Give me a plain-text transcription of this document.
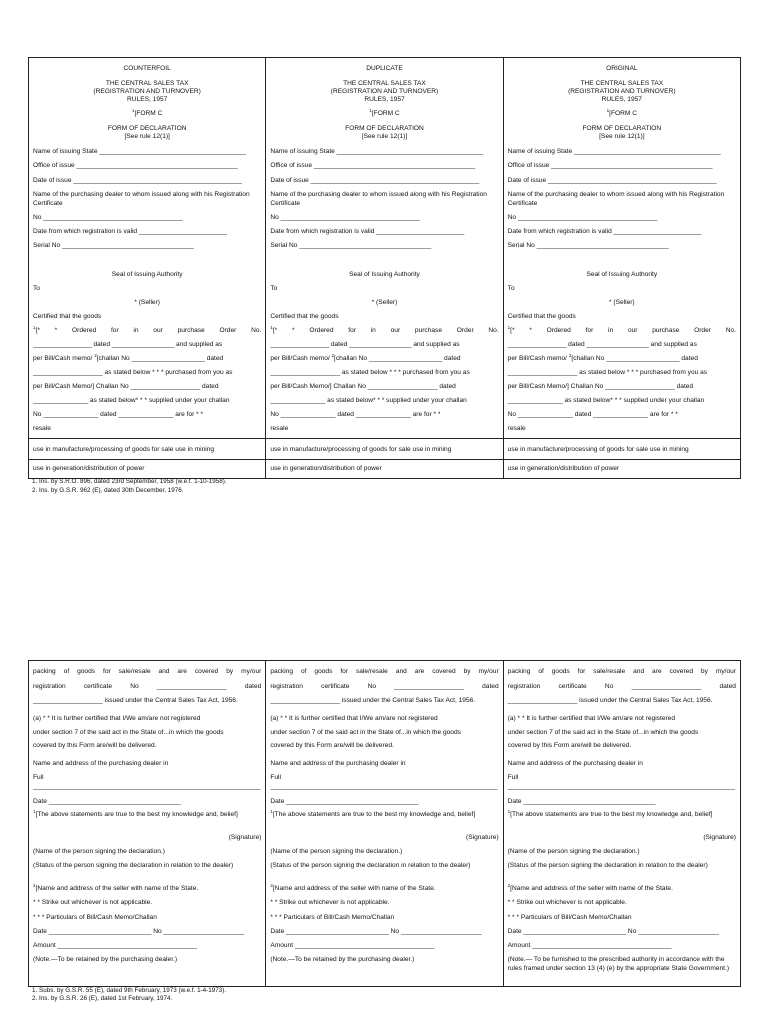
COUNTERFOIL
THE CENTRAL SALES TAX
(REGISTRATION AND TURNOVER)
RULES, 1957
$^1$[FORM C
FORM OF DECLARATION
[See rule 12(1)]
Name of issuing State ________________________________________
Office of issue ____________________________________________
Date of issue ______________________________________________
Name of the purchasing dealer to whom issued along with his Registration Certificate
No ______________________________________
Date from which registration is valid ________________________
Serial No ____________________________________
Seal of Issuing Authority
To
* (Seller)
Certified that the goods
$^1$[* * Ordered for in our purchase Order No.
________________ dated _________________ and supplied as
per Bill/Cash memo/ $^2$[challan No ____________________ dated
___________________ as stated below * * * purchased from you as
per Bill/Cash Memo/] Challan No ___________________ dated
_______________ as stated below* * * supplied under your challan
No _______________ dated _______________ are for * *
resale
use in manufacture/processing of goods for sale use in mining
use in generation/distribution of power
DUPLICATE
THE CENTRAL SALES TAX
(REGISTRATION AND TURNOVER)
RULES, 1957
$^1$[FORM C
FORM OF DECLARATION
[See rule 12(1)]
Name of issuing State ________________________________________
Office of issue ____________________________________________
Date of issue ______________________________________________
Name of the purchasing dealer to whom issued along with his Registration Certificate
No ______________________________________
Date from which registration is valid ________________________
Serial No ____________________________________
Seal of Issuing Authority
To
* (Seller)
Certified that the goods
$^1$[* * Ordered for in our purchase Order No.
________________ dated _________________ and supplied as
per Bill/Cash memo/ $^2$[challan No ____________________ dated
___________________ as stated below * * * purchased from you as
per Bill/Cash Memo/] Challan No ___________________ dated
_______________ as stated below* * * supplied under your challan
No _______________ dated _______________ are for * *
resale
use in manufacture/processing of goods for sale use in mining
use in generation/distribution of power
ORIGINAL
THE CENTRAL SALES TAX
(REGISTRATION AND TURNOVER)
RULES, 1957
$^1$[FORM C
FORM OF DECLARATION
[See rule 12(1)]
Name of issuing State ________________________________________
Office of issue ____________________________________________
Date of issue ______________________________________________
Name of the purchasing dealer to whom issued along with his Registration Certificate
No ______________________________________
Date from which registration is valid ________________________
Serial No ____________________________________
Seal of Issuing Authority
To
* (Seller)
Certified that the goods
$^1$[* * Ordered for in our purchase Order No.
________________ dated _________________ and supplied as
per Bill/Cash memo/ $^2$[challan No ____________________ dated
___________________ as stated below * * * purchased from you as
per Bill/Cash Memo/] Challan No ___________________ dated
_______________ as stated below* * * supplied under your challan
No _______________ dated _______________ are for * *
resale
use in manufacture/processing of goods for sale use in mining
use in generation/distribution of power
1. Ins. by S.R.O. 896, dated 23rd September, 1958 (w.e.f. 1-10-1958).
2. Ins. by G.S.R. 962 (E), dated 30th December, 1976.
packing of goods for sale/resale and are covered by my/our
registration certificate No ___________________ dated
___________________ issued under the Central Sales Tax Act, 1956.
(a) * * It is further certified that I/We am/are not registered
under section 7 of the said act in the State of...in which the goods
covered by this Form are/will be delivered.
Name and address of the purchasing dealer in
Full
______________________________________________________________
Date ____________________________________
$^1$[The above statements are true to the best my knowledge and, belief]
(Signature)
(Name of the person signing the declaration.)
(Status of the person signing the declaration in relation to the dealer)
$^2$[Name and address of the seller with name of the State.
* * Strike out whichever is not applicable.
* * * Particulars of Bill/Cash Memo/Challan
Date ____________________________ No ______________________
Amount ______________________________________
(Note.—To be retained by the purchasing dealer.)
packing of goods for sale/resale and are covered by my/our
registration certificate No ___________________ dated
___________________ issued under the Central Sales Tax Act, 1956.
(a) * * It is further certified that I/We am/are not registered
under section 7 of the said act in the State of...in which the goods
covered by this Form are/will be delivered.
Name and address of the purchasing dealer in
Full
______________________________________________________________
Date ____________________________________
$^1$[The above statements are true to the best my knowledge and, belief]
(Signature)
(Name of the person signing the declaration.)
(Status of the person signing the declaration in relation to the dealer)
$^2$[Name and address of the seller with name of the State.
* * Strike out whichever is not applicable.
* * * Particulars of Bill/Cash Memo/Challan
Date ____________________________ No ______________________
Amount ______________________________________
(Note.—To be retained by the purchasing dealer.)
packing of goods for sale/resale and are covered by my/our
registration certificate No ___________________ dated
___________________ issued under the Central Sales Tax Act, 1956.
(a) * * It is further certified that I/We am/are not registered
under section 7 of the said act in the State of...in which the goods
covered by this Form are/will be delivered.
Name and address of the purchasing dealer in
Full
______________________________________________________________
Date ____________________________________
$^1$[The above statements are true to the best my knowledge and, belief]
(Signature)
(Name of the person signing the declaration.)
(Status of the person signing the declaration in relation to the dealer)
$^2$[Name and address of the seller with name of the State.
* * Strike out whichever is not applicable.
* * * Particulars of Bill/Cash Memo/Challan
Date ____________________________ No ______________________
Amount ______________________________________
(Note.— To be furnished to the prescribed authority in accordance with the rules framed under section 13 (4) (e) by the appropriate State Government.)
1. Subs. by G.S.R. 55 (E), dated 9th February, 1973 (w.e.f. 1-4-1973).
2. Ins. by G.S.R. 26 (E), dated 1st February, 1974.
